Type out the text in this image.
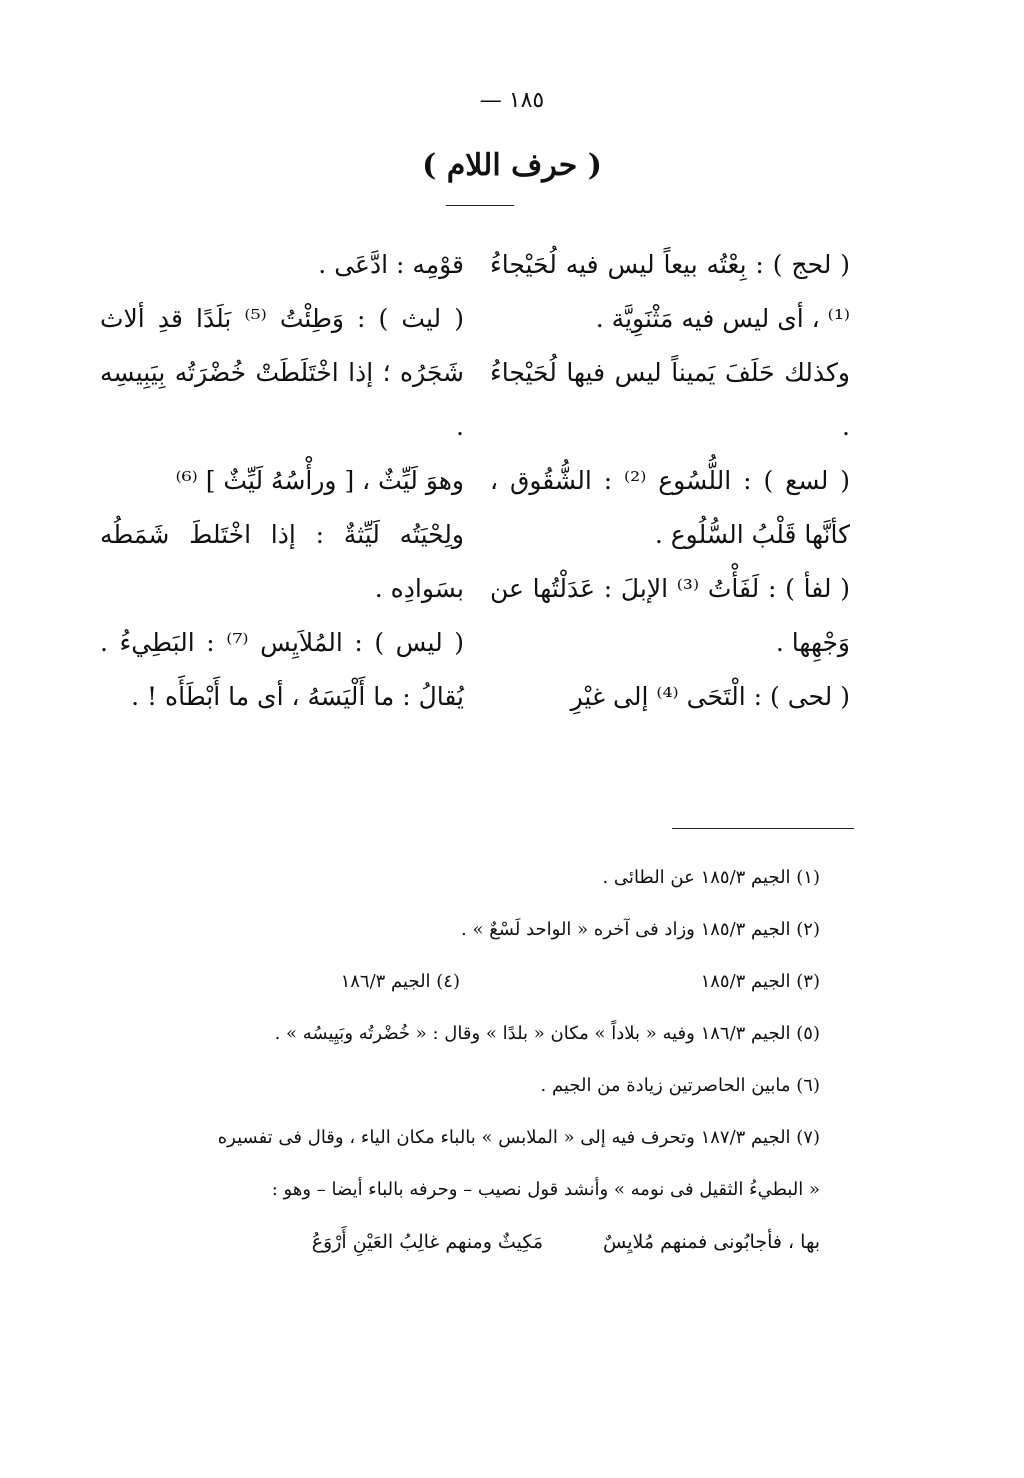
— ١٨٥
( حرف اللام )

( لحج ) : بِعْتُه بيعاً ليس فيه لُحَيْجاءُ ⁽¹⁾ ، أى ليس فيه مَثْنَوِيَّة .

وكذلك حَلَفَ يَميناً ليس فيها لُحَيْجاءُ .

( لسع ) : اللُّسُوع ⁽²⁾ : الشُّقُوق ، كأنَّها قَلْبُ السُّلُوع .

( لفأ ) : لَفَأْتُ ⁽³⁾ الإبلَ : عَدَلْتُها عن وَجْهِها .

( لحى ) : الْتَحَى ⁽⁴⁾ إلى غيْرِ

قوْمِه : ادَّعَى .

( ليث ) : وَطِئْتُ ⁽⁵⁾ بَلَدًا قدِ ألاث شَجَرُه ؛ إذا اخْتَلَطَتْ خُضْرَتُه بِيَبِيسِه .

وهوَ لَيِّثٌ ، [ ورأْسُهُ لَيِّثٌ ] ⁽⁶⁾

ولِحْيَتُه لَيِّثةٌ : إذا اخْتَلطَ شَمَطُه بسَوادِه .

( ليس ) : المُلاَيِس ⁽⁷⁾ : البَطِيءُ . يُقالُ : ما أَلْيَسَهُ ، أى ما أَبْطَأَه ! .

(١) الجيم ١٨٥/٣ عن الطائى .

(٢) الجيم ١٨٥/٣ وزاد فى آخره « الواحد لَسْعٌ » .

(٣) الجيم ١٨٥/٣
(٤) الجيم ١٨٦/٣

(٥) الجيم ١٨٦/٣ وفيه « بلاداً » مكان « بلدًا » وقال : « خُضْرتُه وبَيِيسُه » .

(٦) مابين الحاصرتين زيادة من الجيم .

(٧) الجيم ١٨٧/٣ وتحرف فيه إلى « الملابس » بالباء مكان الياء ، وقال فى تفسيره

« البطيءُ الثقيل فى نومه » وأنشد قول نصيب – وحرفه بالباء أيضا – وهو :

بها ، فأجابُونى فمنهم مُلايِسٌ
مَكِيثٌ ومنهم غالِبُ العَيْنِ أَرْوَعُ
